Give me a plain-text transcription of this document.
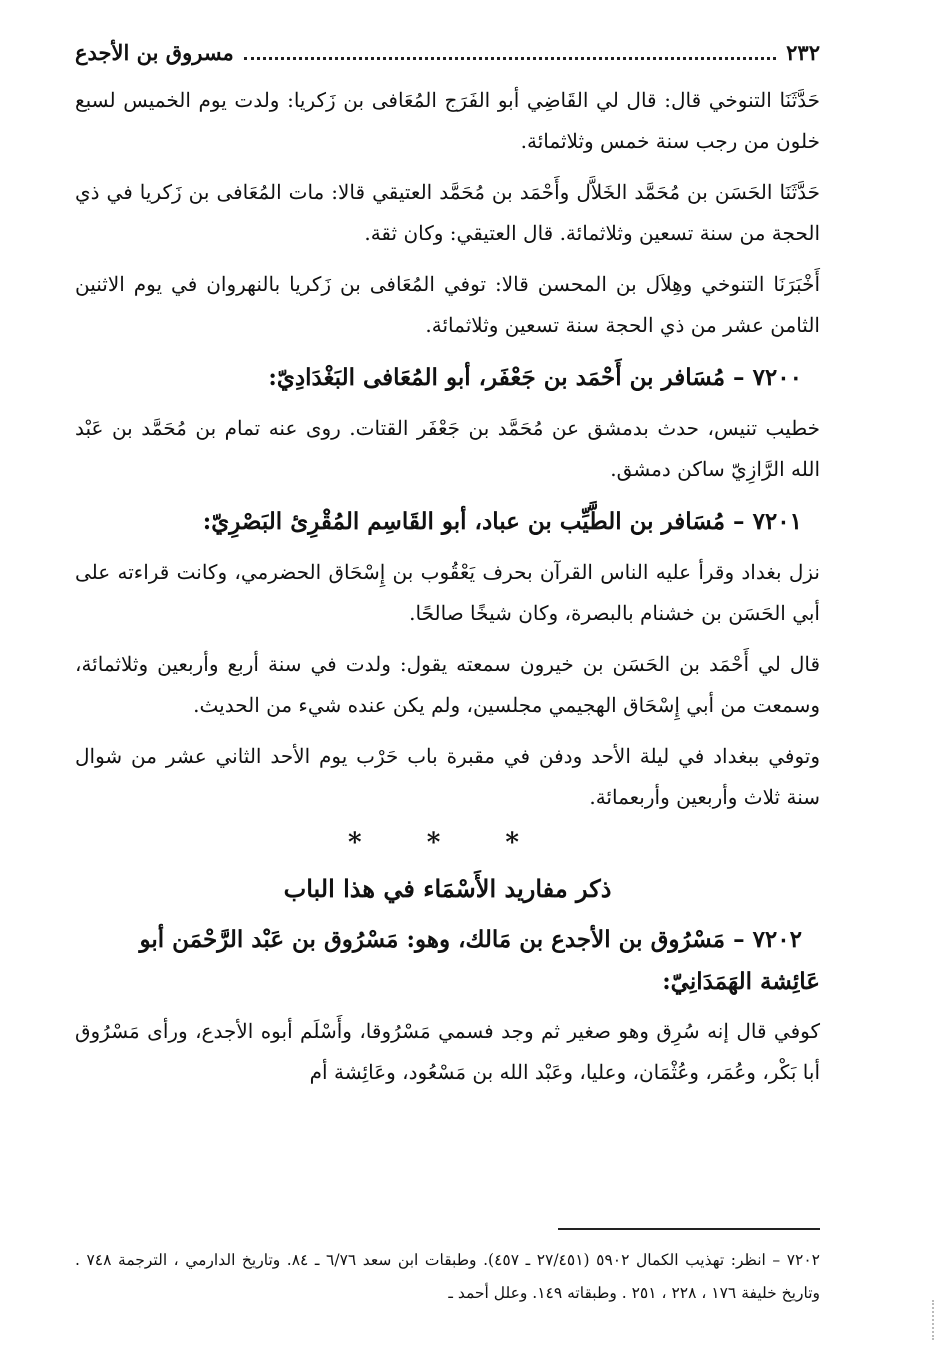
٢٣٢
مسروق بن الأجدع

حَدَّثَنَا التنوخي قال: قال لي القَاضِي أبو الفَرَج المُعَافى بن زَكريا: ولدت يوم الخميس لسبع خلون من رجب سنة خمس وثلاثمائة.

حَدَّثَنَا الحَسَن بن مُحَمَّد الخَلاَّل وأَحْمَد بن مُحَمَّد العتيقي قالا: مات المُعَافى بن زَكريا في ذي الحجة من سنة تسعين وثلاثمائة. قال العتيقي: وكان ثقة.

أَخْبَرَنَا التنوخي وهِلاَل بن المحسن قالا: توفي المُعَافى بن زَكريا بالنهروان في يوم الاثنين الثامن عشر من ذي الحجة سنة تسعين وثلاثمائة.

٧٢٠٠ – مُسَافر بن أَحْمَد بن جَعْفَر، أبو المُعَافى البَغْدَادِيّ:

خطيب تنيس، حدث بدمشق عن مُحَمَّد بن جَعْفَر القتات. روى عنه تمام بن مُحَمَّد بن عَبْد الله الرَّازِيّ ساكن دمشق.

٧٢٠١ – مُسَافر بن الطَّيِّب بن عباد، أبو القَاسِم المُقْرِئ البَصْرِيّ:

نزل بغداد وقرأ عليه الناس القرآن بحرف يَعْقُوب بن إِسْحَاق الحضرمي، وكانت قراءته على أبي الحَسَن بن خشنام بالبصرة، وكان شيخًا صالحًا.

قال لي أَحْمَد بن الحَسَن بن خيرون سمعته يقول: ولدت في سنة أربع وأربعين وثلاثمائة، وسمعت من أبي إِسْحَاق الهجيمي مجلسين، ولم يكن عنده شيء من الحديث.

وتوفي ببغداد في ليلة الأحد ودفن في مقبرة باب حَرْب يوم الأحد الثاني عشر من شوال سنة ثلاث وأربعين وأربعمائة.

* * *
ذكر مفاريد الأَسْمَاء في هذا الباب
٧٢٠٢ – مَسْرُوق بن الأجدع بن مَالك، وهو: مَسْرُوق بن عَبْد الرَّحْمَن أبو عَائِشة الهَمَدَانِيّ:

كوفي قال إنه سُرِق وهو صغير ثم وجد فسمي مَسْرُوقا، وأَسْلَم أبوه الأجدع، ورأى مَسْرُوق أبا بَكْر، وعُمَر، وعُثْمَان، وعليا، وعَبْد الله بن مَسْعُود، وعَائِشة أم

٧٢٠٢ – انظر: تهذيب الكمال ٥٩٠٢ (٢٧/٤٥١ ـ ٤٥٧). وطبقات ابن سعد ٦/٧٦ ـ ٨٤. وتاريخ الدارمي ، الترجمة ٧٤٨ . وتاريخ خليفة ١٧٦ ، ٢٢٨ ، ٢٥١ . وطبقاته ١٤٩. وعلل أحمد ـ
